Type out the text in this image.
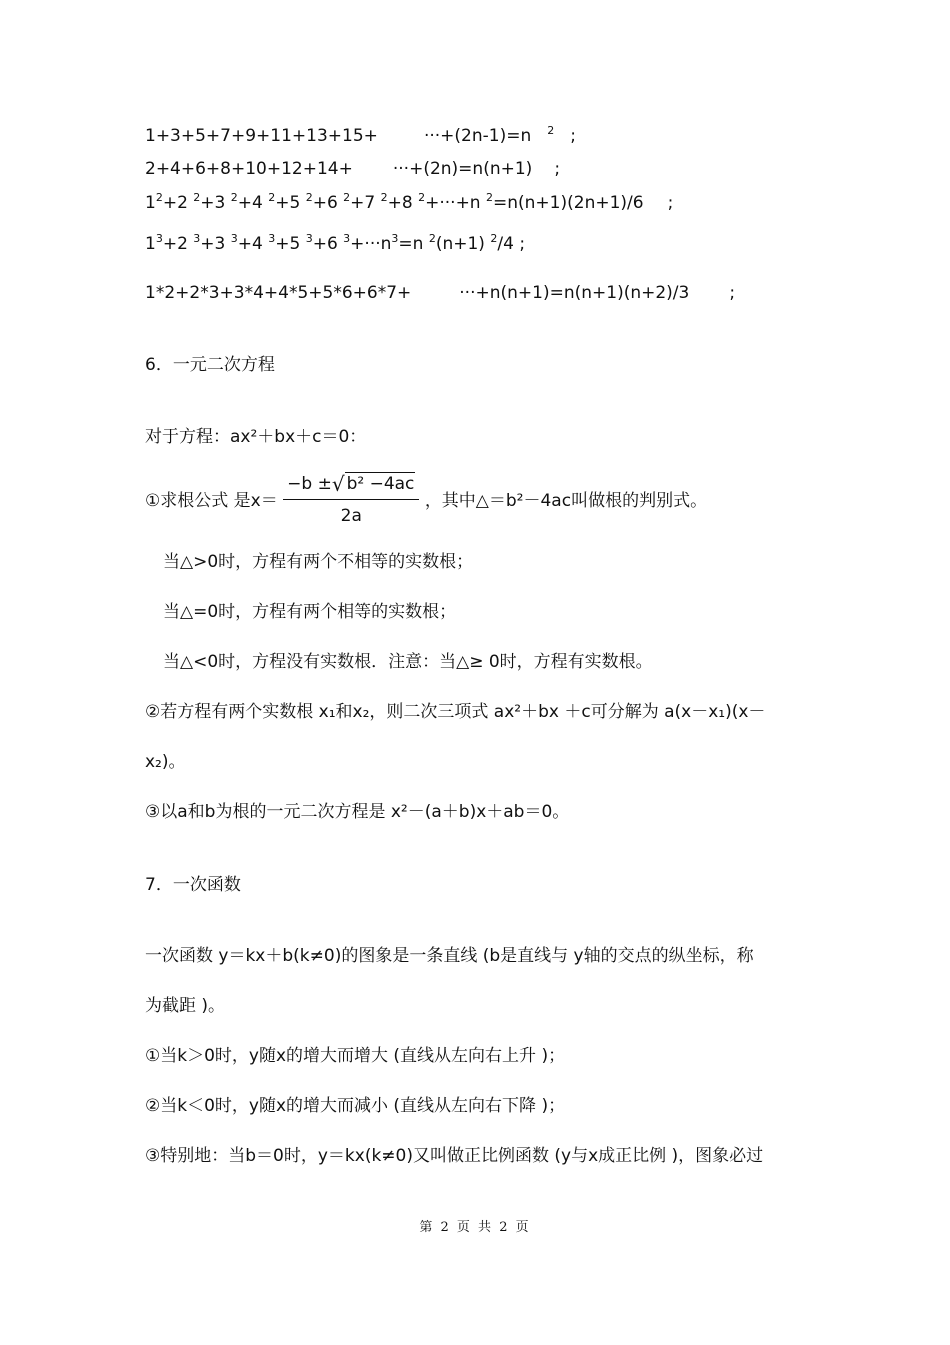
1+3+5+7+9+11+13+15+	···+(2n-1)=n $^2$ ;
2+4+6+8+10+12+14+ ···+(2n)=n(n+1) ;
$1^2+2$ $^2$+3 $^2$+4 $^2$+5 $^2$+6 $^2$+7 $^2$+8 $^2$+···+n $^2$=n(n+1)(2n+1)/6 ;
$1^3+2$ $^3$+3 $^3$+4 $^3$+5 $^3$+6 $^3+\cdot\cdot\cdot n^3=n$ $^2$(n+1) $^2$/4 ;
1*2+2*3+3*4+4*5+5*6+6*7+	···+n(n+1)=n(n+1)(n+2)/3 ;
6．一元二次方程
对于方程：ax²＋bx＋c＝0：
①求根公式 是$x= \frac{\text{−b ±√ b² −4ac}}{2a}$ ，其中△＝b²－4ac叫做根的判别式。
当△>0时，方程有两个不相等的实数根；
当△=0时，方程有两个相等的实数根；
当△<0时，方程没有实数根．注意：当△≥ 0时，方程有实数根。
②若方程有两个实数根 x₁和x₂，则二次三项式 ax²＋bx ＋c可分解为 a(x－x₁)(x－
x₂)。
③以a和b为根的一元二次方程是 x²－(a＋b)x＋ab＝0。
7．一次函数
一次函数 y＝kx＋b(k≠0)的图象是一条直线 (b是直线与 y轴的交点的纵坐标，称
为截距 )。
①当k＞0时，y随x的增大而增大 (直线从左向右上升 )；
②当k＜0时，y随x的增大而减小 (直线从左向右下降 )；
③特别地：当b＝0时，y＝kx(k≠0)又叫做正比例函数 (y与x成正比例 )，图象必过
第 2 页 共 2 页
